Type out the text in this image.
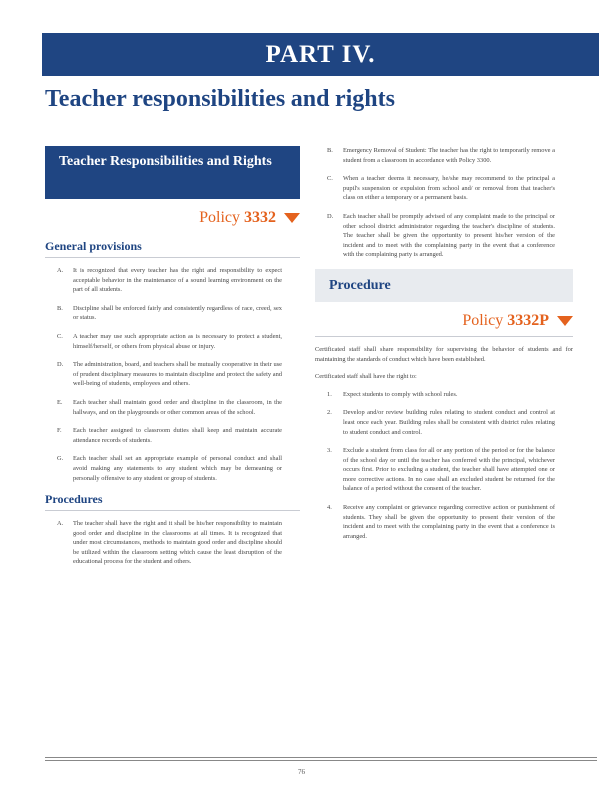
PART IV.
Teacher responsibilities and rights
Teacher Responsibilities and Rights
Policy 3332
General provisions
A.	It is recognized that every teacher has the right and responsibility to expect acceptable behavior in the maintenance of a sound learning environment on the part of all students.
B.	Discipline shall be enforced fairly and consistently regardless of race, creed, sex or status.
C.	A teacher may use such appropriate action as is necessary to protect a student, himself/herself, or others from physical abuse or injury.
D.	The administration, board, and teachers shall be mutually cooperative in their use of prudent disciplinary measures to maintain discipline and protect the safety and well-being of students, employees and others.
E.	Each teacher shall maintain good order and discipline in the classroom, in the hallways, and on the playgrounds or other common areas of the school.
F.	Each teacher assigned to classroom duties shall keep and maintain accurate attendance records of students.
G.	Each teacher shall set an appropriate example of personal conduct and shall avoid making any statements to any student which may be demeaning or personally offensive to any student or group of students.
Procedures
A.	The teacher shall have the right and it shall be his/her responsibility to maintain good order and discipline in the classrooms at all times. It is recognized that under most circumstances, methods to maintain good order and discipline should be utilized within the classroom setting which cause the least disruption of the educational process for the student and others.
B.	Emergency Removal of Student: The teacher has the right to temporarily remove a student from a classroom in accordance with Policy 3300.
C.	When a teacher deems it necessary, he/she may recommend to the principal a pupil's suspension or expulsion from school and/ or removal from that teacher's class on either a temporary or a permanent basis.
D.	Each teacher shall be promptly advised of any complaint made to the principal or other school district administrator regarding the teacher's discipline of students. The teacher shall be given the opportunity to present his/her version of the incident and to meet with the complaining party in the event that a conference with the complaining party is arranged.
Procedure
Policy 3332P

Certificated staff shall share responsibility for supervising the behavior of students and for maintaining the standards of conduct which have been established.

Certificated staff shall have the right to:

1.	Expect students to comply with school rules.
2.	Develop and/or review building rules relating to student conduct and control at least once each year. Building rules shall be consistent with district rules relating to student conduct and control.
3.	Exclude a student from class for all or any portion of the period or for the balance of the school day or until the teacher has conferred with the principal, whichever occurs first. Prior to excluding a student, the teacher shall have attempted one or more corrective actions. In no case shall an excluded student be returned for the balance of a period without the consent of the teacher.
4.	Receive any complaint or grievance regarding corrective action or punishment of students. They shall be given the opportunity to present their version of the incident and to meet with the complaining party in the event that a conference is arranged.
76
